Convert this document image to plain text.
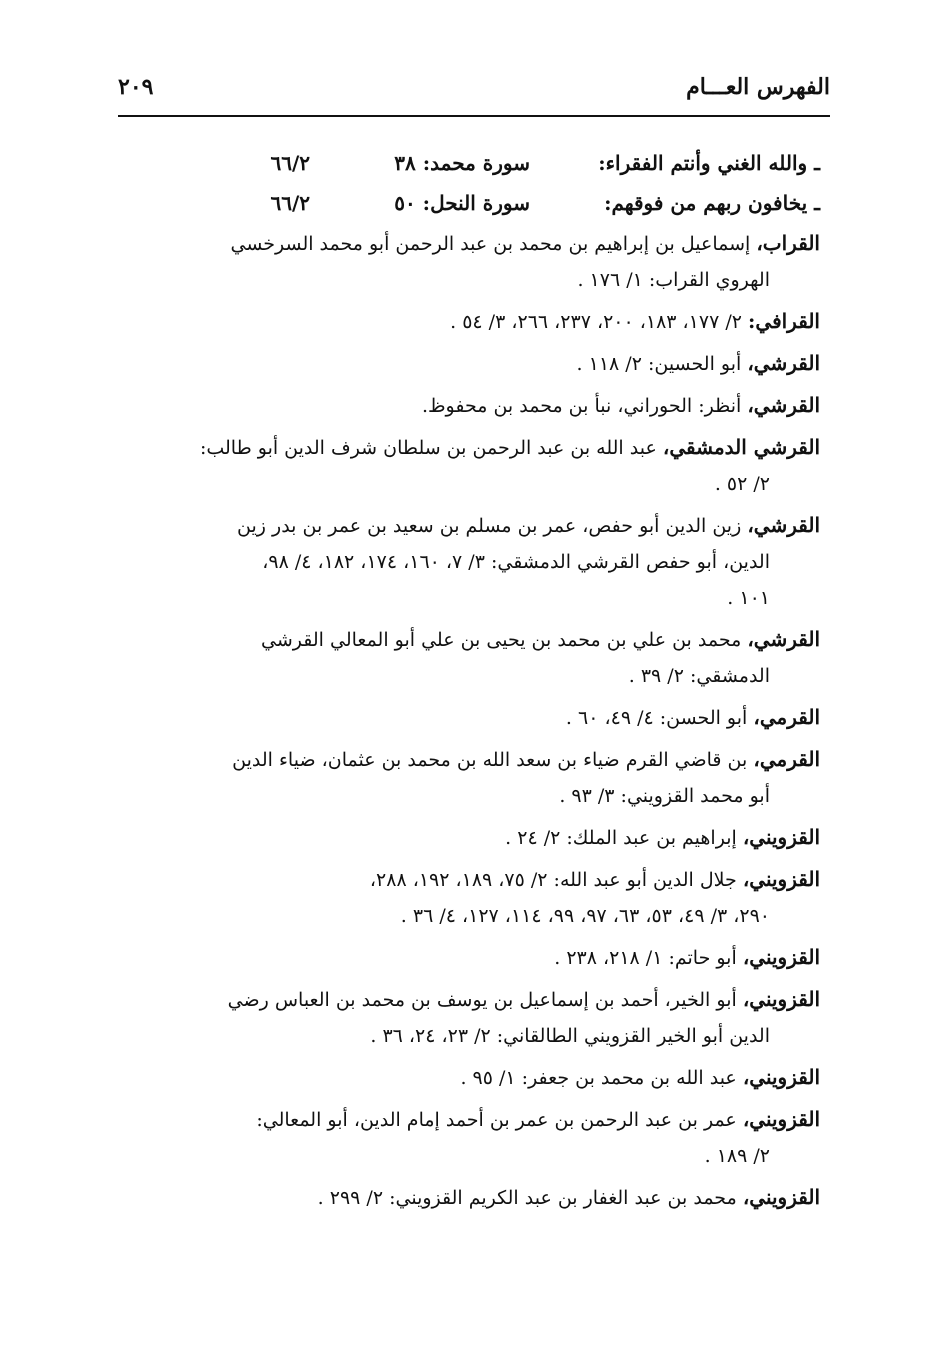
الفهرس العـــام
٢٠٩
ـ والله الغني وأنتم الفقراء:
سورة محمد: ٣٨
٦٦/٢
ـ يخافون ربهم من فوقهم:
سورة النحل: ٥٠
٦٦/٢

القراب، إسماعيل بن إبراهيم بن محمد بن عبد الرحمن أبو محمد السرخسي
الهروي القراب: ١/ ١٧٦ .

القرافي: ٢/ ١٧٧، ١٨٣، ٢٠٠، ٢٣٧، ٢٦٦، ٣/ ٥٤ .

القرشي، أبو الحسين: ٢/ ١١٨ .

القرشي، أنظر: الحوراني، نبأ بن محمد بن محفوظ.

القرشي الدمشقي، عبد الله بن عبد الرحمن بن سلطان شرف الدين أبو طالب:
٢/ ٥٢ .

القرشي، زين الدين أبو حفص، عمر بن مسلم بن سعيد بن عمر بن بدر زين
الدين، أبو حفص القرشي الدمشقي: ٣/ ٧، ١٦٠، ١٧٤، ١٨٢، ٤/ ٩٨،
١٠١ .

القرشي، محمد بن علي بن محمد بن يحيى بن علي أبو المعالي القرشي
الدمشقي: ٢/ ٣٩ .

القرمي، أبو الحسن: ٤/ ٤٩، ٦٠ .

القرمي، بن قاضي القرم ضياء بن سعد الله بن محمد بن عثمان، ضياء الدين
أبو محمد القزويني: ٣/ ٩٣ .

القزويني، إبراهيم بن عبد الملك: ٢/ ٢٤ .

القزويني، جلال الدين أبو عبد الله: ٢/ ٧٥، ١٨٩، ١٩٢، ٢٨٨،
٢٩٠، ٣/ ٤٩، ٥٣، ٦٣، ٩٧، ٩٩، ١١٤، ١٢٧، ٤/ ٣٦ .

القزويني، أبو حاتم: ١/ ٢١٨، ٢٣٨ .

القزويني، أبو الخير، أحمد بن إسماعيل بن يوسف بن محمد بن العباس رضي
الدين أبو الخير القزويني الطالقاني: ٢/ ٢٣، ٢٤، ٣٦ .

القزويني، عبد الله بن محمد بن جعفر: ١/ ٩٥ .

القزويني، عمر بن عبد الرحمن بن عمر بن أحمد إمام الدين، أبو المعالي:
٢/ ١٨٩ .

القزويني، محمد بن عبد الغفار بن عبد الكريم القزويني: ٢/ ٢٩٩ .
